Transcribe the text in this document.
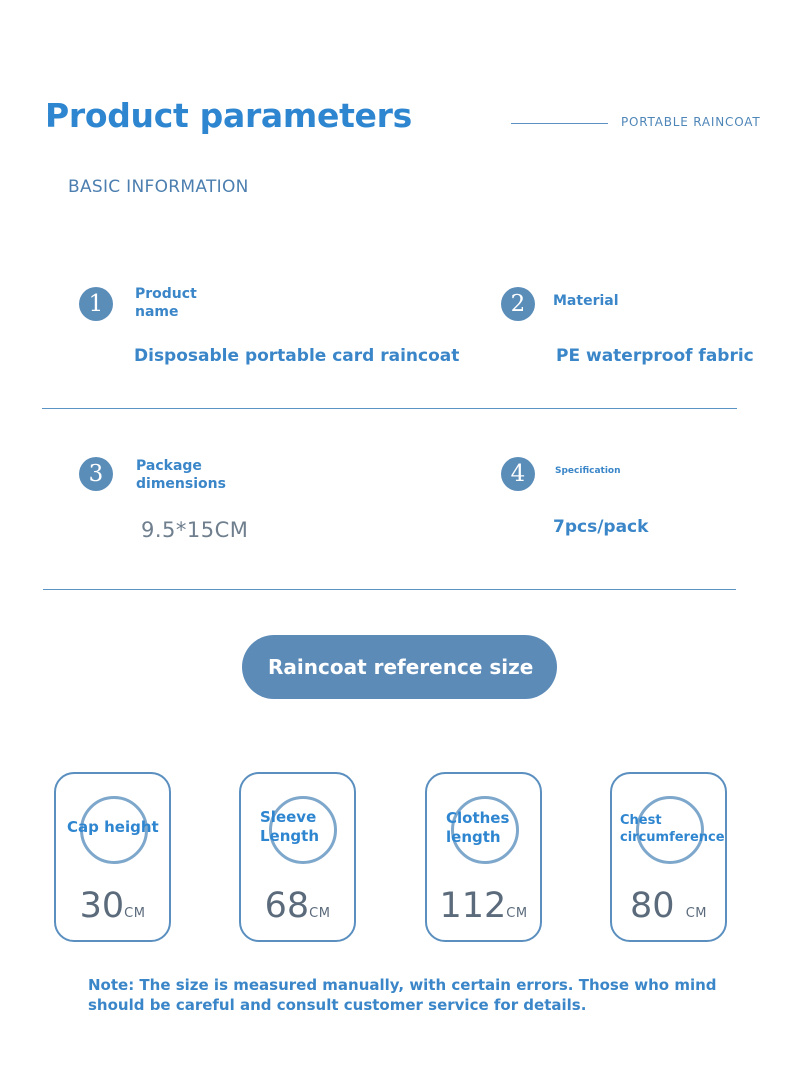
Product parameters	PORTABLE RAINCOAT
BASIC INFORMATION
1	Product
name
Disposable portable card raincoat
2	Material
PE waterproof fabric
3	Package
dimensions
9.5*15CM
4	Specification
7pcs/pack
Raincoat reference size
Cap height
30CM
Sleeve
Length
68CM
Clothes
length
112CM
Chest
circumference
80 CM
Note: The size is measured manually, with certain errors. Those who mind should be careful and consult customer service for details.
